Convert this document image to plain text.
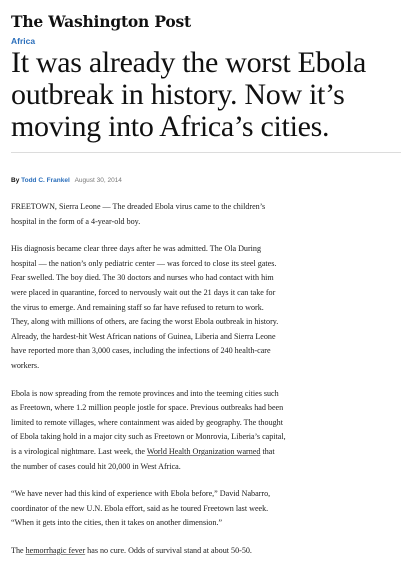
The Washington Post
Africa
It was already the worst Ebola
outbreak in history. Now it’s
moving into Africa’s cities.
By Todd C. Frankel August 30, 2014

FREETOWN, Sierra Leone — The dreaded Ebola virus came to the children’s
hospital in the form of a 4-year-old boy.

His diagnosis became clear three days after he was admitted. The Ola During
hospital — the nation’s only pediatric center — was forced to close its steel gates.
Fear swelled. The boy died. The 30 doctors and nurses who had contact with him
were placed in quarantine, forced to nervously wait out the 21 days it can take for
the virus to emerge. And remaining staff so far have refused to return to work.
They, along with millions of others, are facing the worst Ebola outbreak in history.
Already, the hardest-hit West African nations of Guinea, Liberia and Sierra Leone
have reported more than 3,000 cases, including the infections of 240 health-care
workers.

Ebola is now spreading from the remote provinces and into the teeming cities such
as Freetown, where 1.2 million people jostle for space. Previous outbreaks had been
limited to remote villages, where containment was aided by geography. The thought
of Ebola taking hold in a major city such as Freetown or Monrovia, Liberia’s capital,
is a virological nightmare. Last week, the World Health Organization warned that
the number of cases could hit 20,000 in West Africa.

“We have never had this kind of experience with Ebola before,” David Nabarro,
coordinator of the new U.N. Ebola effort, said as he toured Freetown last week.
“When it gets into the cities, then it takes on another dimension.”

The hemorrhagic fever has no cure. Odds of survival stand at about 50-50.
